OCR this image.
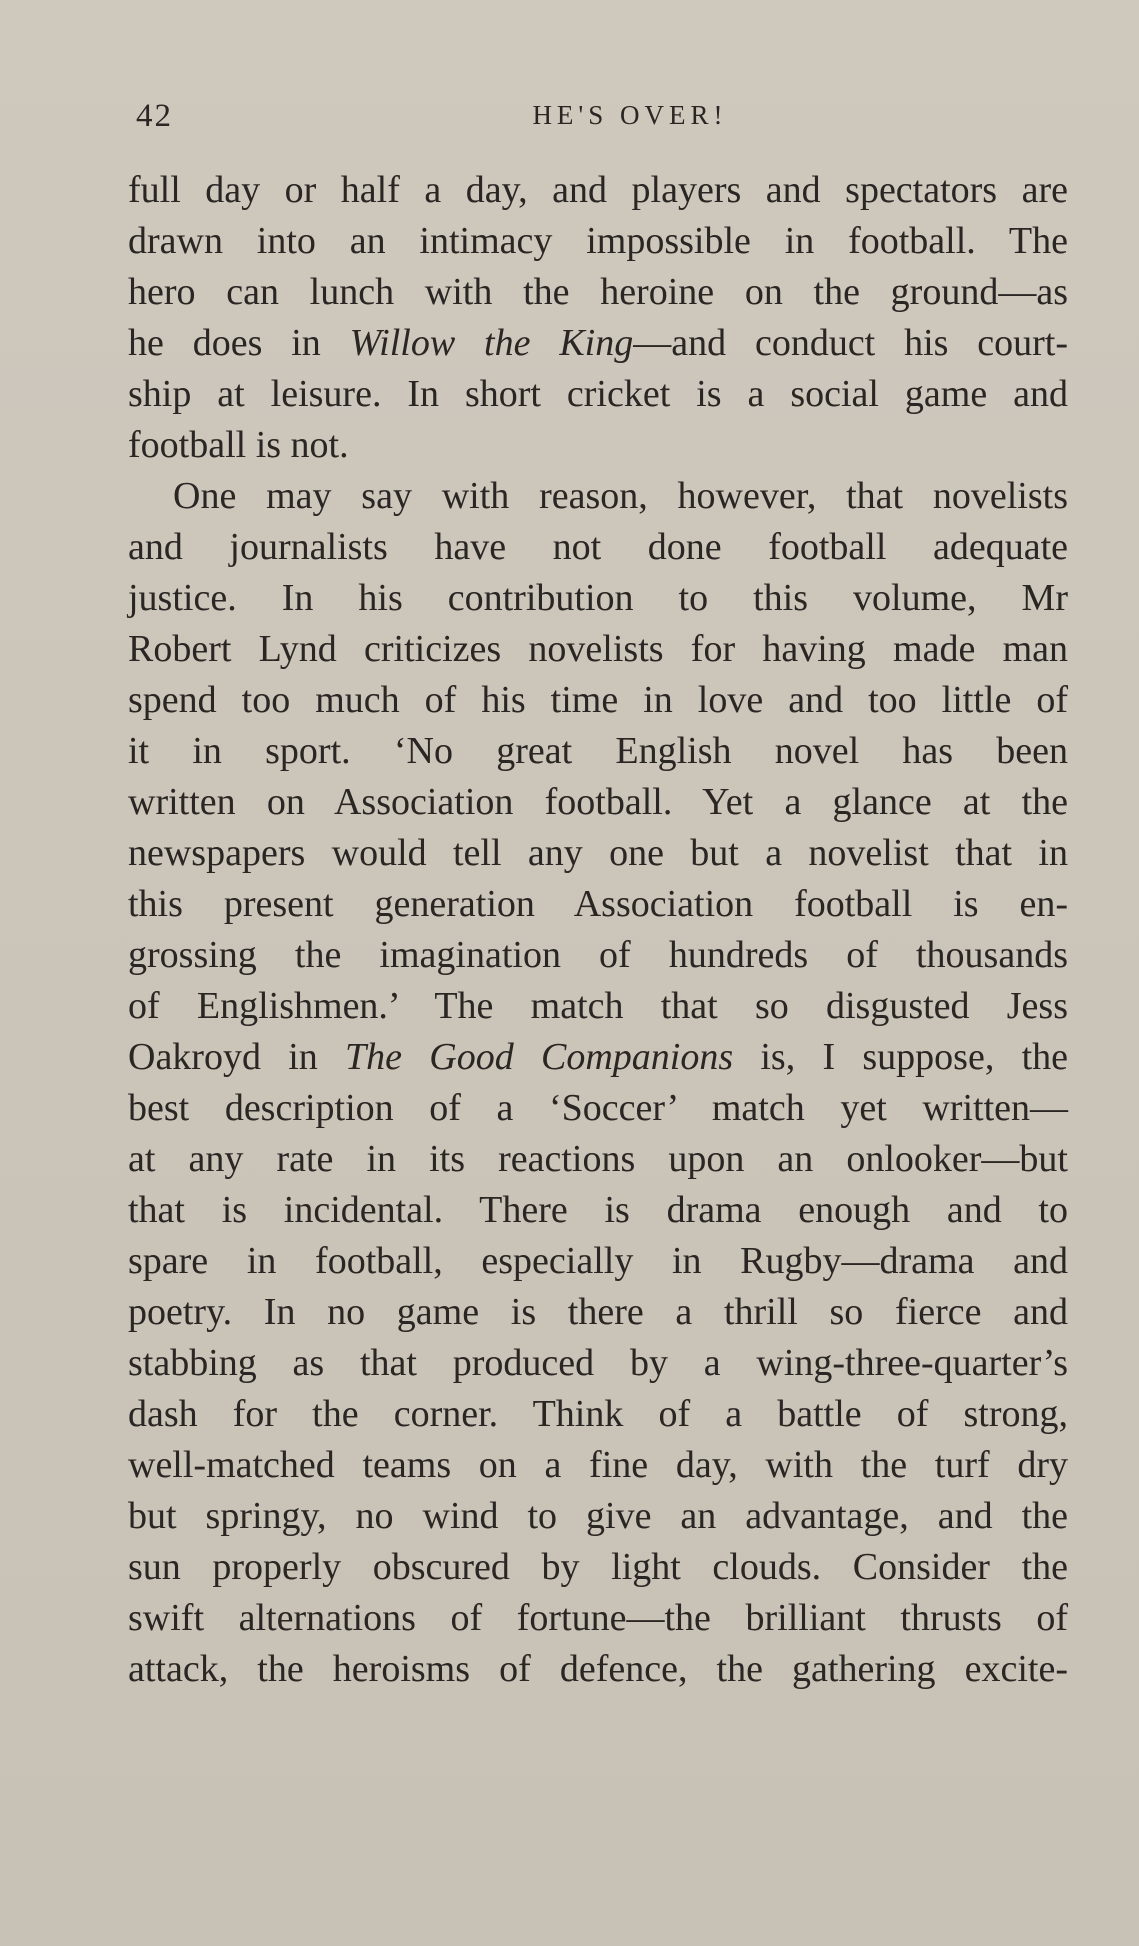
42	HE'S OVER!
full day or half a day, and players and spectators are
drawn into an intimacy impossible in football. The
hero can lunch with the heroine on the ground—as
he does in Willow the King—and conduct his court-
ship at leisure. In short cricket is a social game and
football is not.
One may say with reason, however, that novelists
and journalists have not done football adequate
justice. In his contribution to this volume, Mr
Robert Lynd criticizes novelists for having made man
spend too much of his time in love and too little of
it in sport. ‘No great English novel has been
written on Association football. Yet a glance at the
newspapers would tell any one but a novelist that in
this present generation Association football is en-
grossing the imagination of hundreds of thousands
of Englishmen.’ The match that so disgusted Jess
Oakroyd in The Good Companions is, I suppose, the
best description of a ‘Soccer’ match yet written—
at any rate in its reactions upon an onlooker—but
that is incidental. There is drama enough and to
spare in football, especially in Rugby—drama and
poetry. In no game is there a thrill so fierce and
stabbing as that produced by a wing-three-quarter’s
dash for the corner. Think of a battle of strong,
well-matched teams on a fine day, with the turf dry
but springy, no wind to give an advantage, and the
sun properly obscured by light clouds. Consider the
swift alternations of fortune—the brilliant thrusts of
attack, the heroisms of defence, the gathering excite-
